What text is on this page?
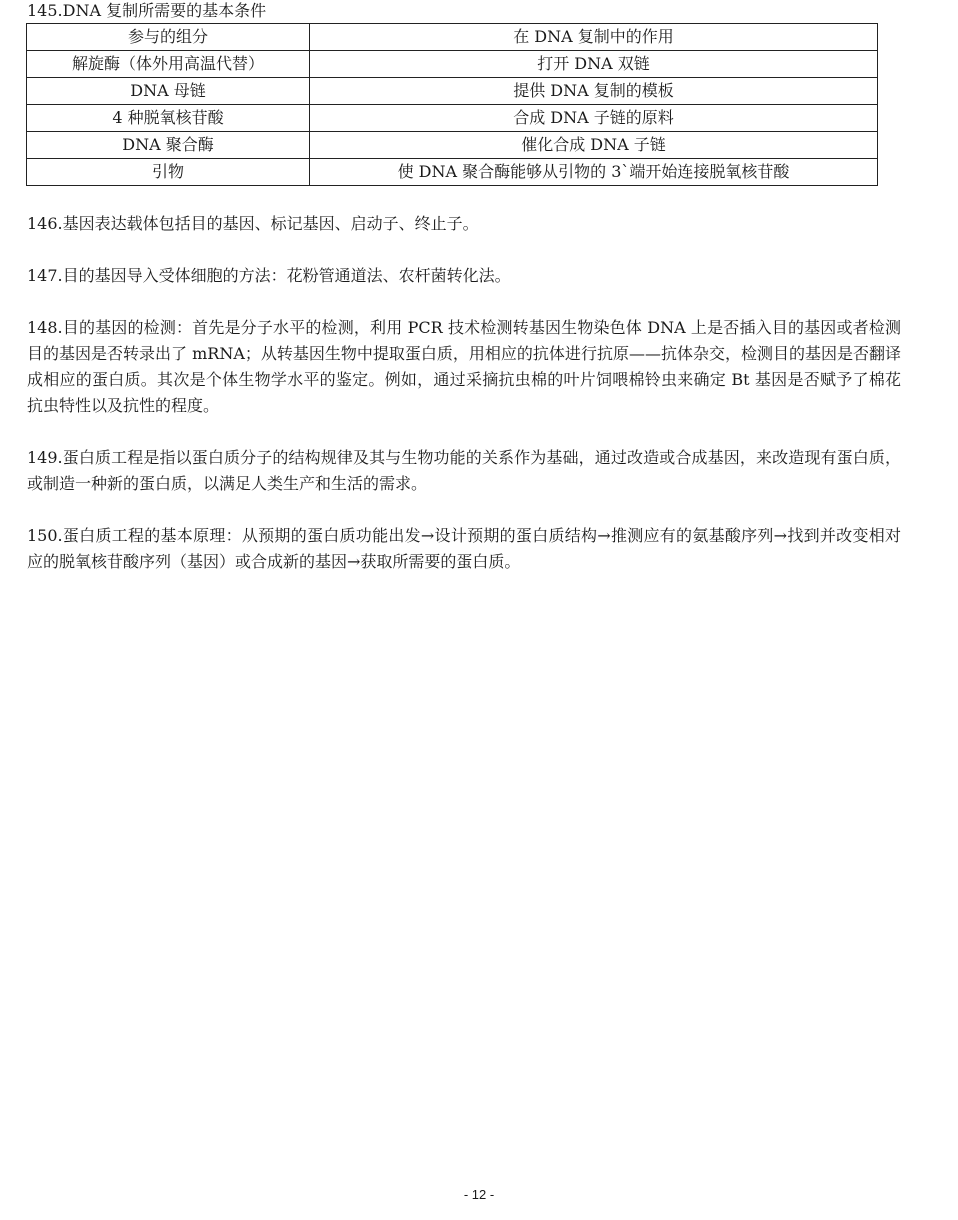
145.DNA 复制所需要的基本条件
参与的组分	在 DNA 复制中的作用
解旋酶（体外用高温代替）	打开 DNA 双链
DNA 母链	提供 DNA 复制的模板
4 种脱氧核苷酸	合成 DNA 子链的原料
DNA 聚合酶	催化合成 DNA 子链
引物	使 DNA 聚合酶能够从引物的 3`端开始连接脱氧核苷酸

146.基因表达载体包括目的基因、标记基因、启动子、终止子。

147.目的基因导入受体细胞的方法：花粉管通道法、农杆菌转化法。

148.目的基因的检测：首先是分子水平的检测，利用 PCR 技术检测转基因生物染色体 DNA 上是否插入目的基因或者检测目的基因是否转录出了 mRNA；从转基因生物中提取蛋白质，用相应的抗体进行抗原——抗体杂交，检测目的基因是否翻译成相应的蛋白质。其次是个体生物学水平的鉴定。例如，通过采摘抗虫棉的叶片饲喂棉铃虫来确定 Bt 基因是否赋予了棉花抗虫特性以及抗性的程度。

149.蛋白质工程是指以蛋白质分子的结构规律及其与生物功能的关系作为基础，通过改造或合成基因，来改造现有蛋白质，或制造一种新的蛋白质，以满足人类生产和生活的需求。

150.蛋白质工程的基本原理：从预期的蛋白质功能出发→设计预期的蛋白质结构→推测应有的氨基酸序列→找到并改变相对应的脱氧核苷酸序列（基因）或合成新的基因→获取所需要的蛋白质。

- 12 -
